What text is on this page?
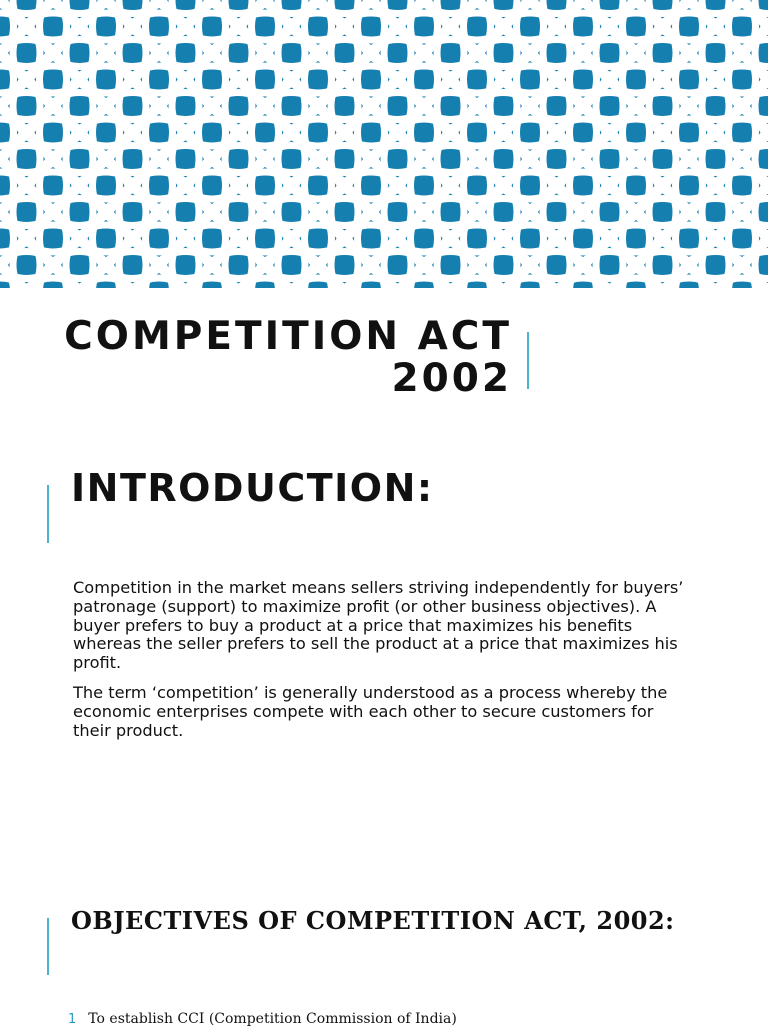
COMPETITION ACT
2002
INTRODUCTION:

Competition in the market means sellers striving independently for buyers’ patronage (support) to maximize profit (or other business objectives). A buyer prefers to buy a product at a price that maximizes his benefits whereas the seller prefers to sell the product at a price that maximizes his profit.

The term ‘competition’ is generally understood as a process whereby the economic enterprises compete with each other to secure customers for their product.

OBJECTIVES OF COMPETITION ACT, 2002:
1 To establish CCI (Competition Commission of India)
